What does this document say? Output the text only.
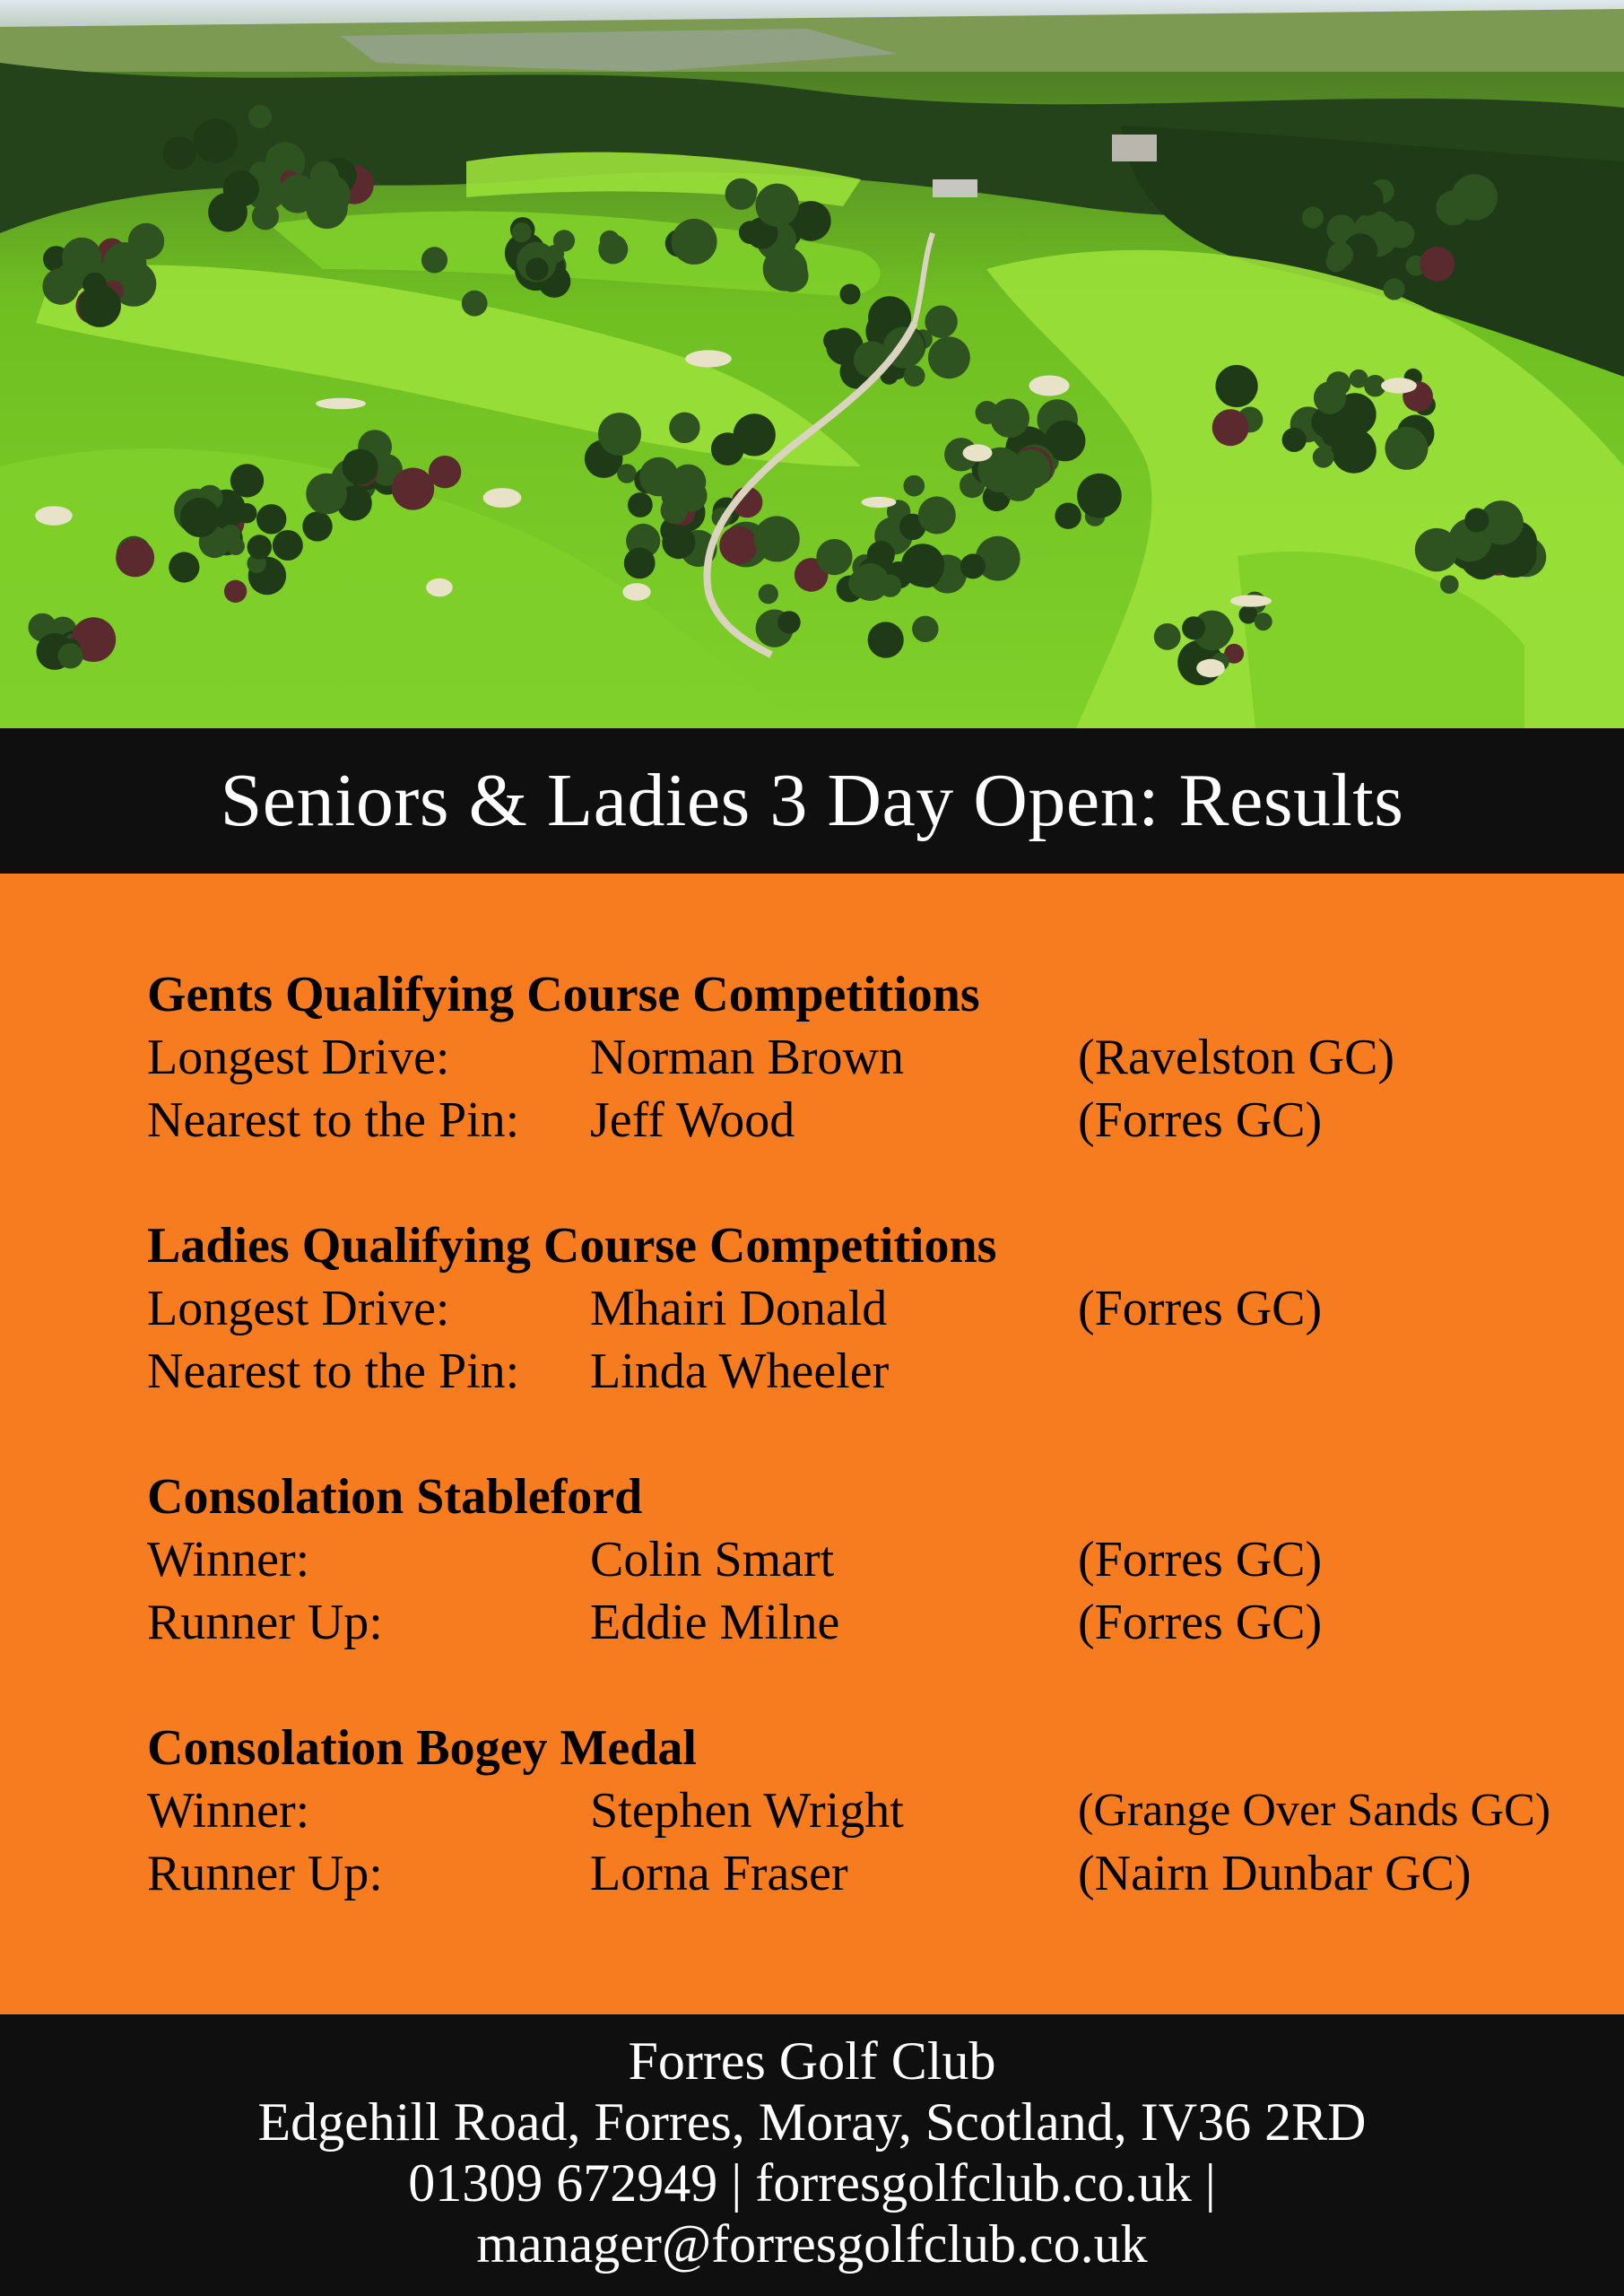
Seniors & Ladies 3 Day Open: Results
Gents Qualifying Course Competitions
Longest Drive:	Norman Brown	(Ravelston GC)
Nearest to the Pin: Jeff Wood	(Forres GC)
Ladies Qualifying Course Competitions
Longest Drive:	Mhairi Donald	(Forres GC)
Nearest to the Pin: Linda Wheeler
Consolation Stableford
Winner:	Colin Smart	(Forres GC)
Runner Up:	Eddie Milne	(Forres GC)
Consolation Bogey Medal
Winner:	Stephen Wright	(Grange Over Sands GC)
Runner Up:	Lorna Fraser	(Nairn Dunbar GC)
Forres Golf Club
Edgehill Road, Forres, Moray, Scotland, IV36 2RD
01309 672949 | forresgolfclub.co.uk |
manager@forresgolfclub.co.uk
